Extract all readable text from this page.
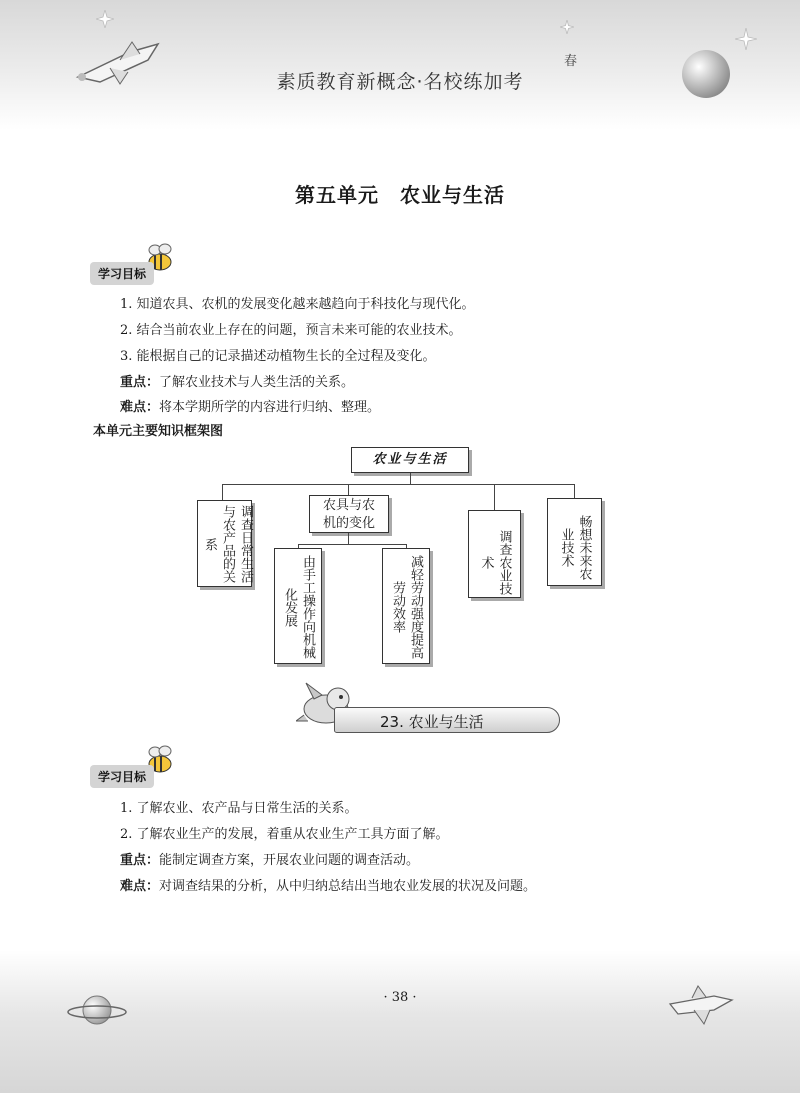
素质教育新概念·名校练加考
春
第五单元　农业与生活
学习目标
1. 知道农具、农机的发展变化越来越趋向于科技化与现代化。
2. 结合当前农业上存在的问题，预言未来可能的农业技术。
3. 能根据自己的记录描述动植物生长的全过程及变化。
重点：了解农业技术与人类生活的关系。
难点：将本学期所学的内容进行归纳、整理。
本单元主要知识框架图
农业与生活
调查日常生活与农产品的关系
农具与农
机的变化
由手工操作向机械化发展	减轻劳动强度提高劳动效率
调查农业技术	畅想未来农业技术
23. 农业与生活
学习目标
1. 了解农业、农产品与日常生活的关系。
2. 了解农业生产的发展，着重从农业生产工具方面了解。
重点：能制定调查方案，开展农业问题的调查活动。
难点：对调查结果的分析，从中归纳总结出当地农业发展的状况及问题。
· 38 ·
